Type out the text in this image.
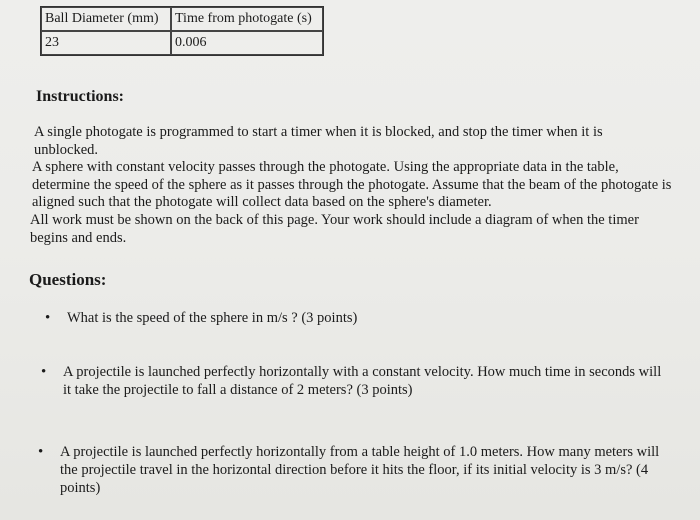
Ball Diameter (mm)	Time from photogate (s)
23	0.006
Instructions:

A single photogate is programmed to start a timer when it is blocked, and stop the timer when it is unblocked.

A sphere with constant velocity passes through the photogate. Using the appropriate data in the table, determine the speed of the sphere as it passes through the photogate. Assume that the beam of the photogate is aligned such that the photogate will collect data based on the sphere's diameter.

All work must be shown on the back of this page. Your work should include a diagram of when the timer begins and ends.

Questions:
• What is the speed of the sphere in m/s ? (3 points)
• A projectile is launched perfectly horizontally with a constant velocity. How much time in seconds will it take the projectile to fall a distance of 2 meters? (3 points)
• A projectile is launched perfectly horizontally from a table height of 1.0 meters. How many meters will the projectile travel in the horizontal direction before it hits the floor, if its initial velocity is 3 m/s? (4 points)
